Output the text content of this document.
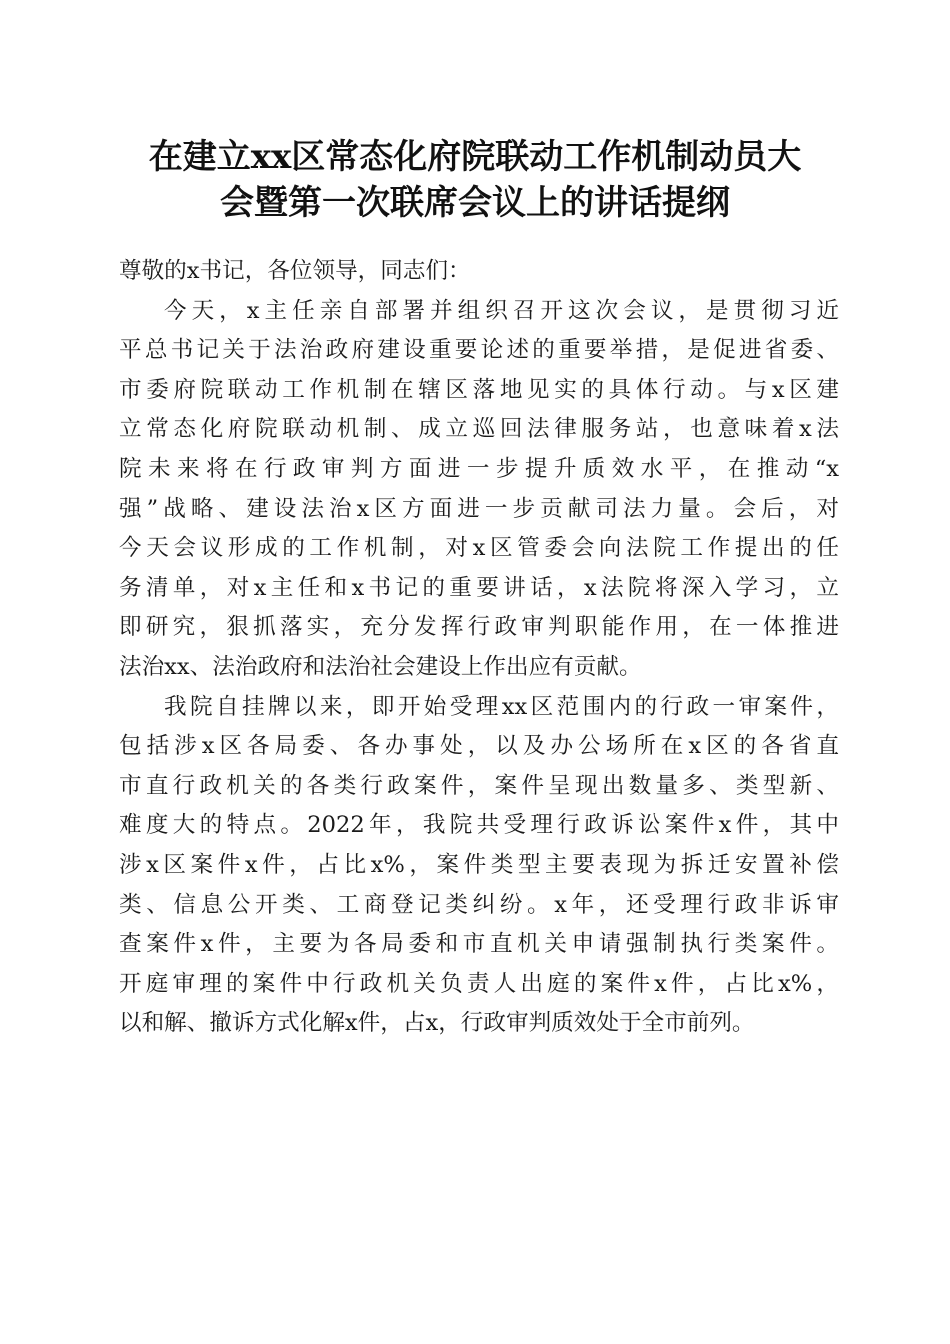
在建立xx区常态化府院联动工作机制动员大
会暨第一次联席会议上的讲话提纲

尊敬的x书记，各位领导，同志们：

今天，x主任亲自部署并组织召开这次会议，是贯彻习近
平总书记关于法治政府建设重要论述的重要举措，是促进省委、
市委府院联动工作机制在辖区落地见实的具体行动。与x区建
立常态化府院联动机制、成立巡回法律服务站，也意味着x法
院未来将在行政审判方面进一步提升质效水平，在推动“x
强”战略、建设法治x区方面进一步贡献司法力量。会后，对
今天会议形成的工作机制，对x区管委会向法院工作提出的任
务清单，对x主任和x书记的重要讲话，x法院将深入学习，立
即研究，狠抓落实，充分发挥行政审判职能作用，在一体推进
法治xx、法治政府和法治社会建设上作出应有贡献。

我院自挂牌以来，即开始受理xx区范围内的行政一审案件，
包括涉x区各局委、各办事处，以及办公场所在x区的各省直
市直行政机关的各类行政案件，案件呈现出数量多、类型新、
难度大的特点。2022年，我院共受理行政诉讼案件x件，其中
涉x区案件x件，占比x%，案件类型主要表现为拆迁安置补偿
类、信息公开类、工商登记类纠纷。x年，还受理行政非诉审
查案件x件，主要为各局委和市直机关申请强制执行类案件。
开庭审理的案件中行政机关负责人出庭的案件x件，占比x%，
以和解、撤诉方式化解x件，占x，行政审判质效处于全市前列。
